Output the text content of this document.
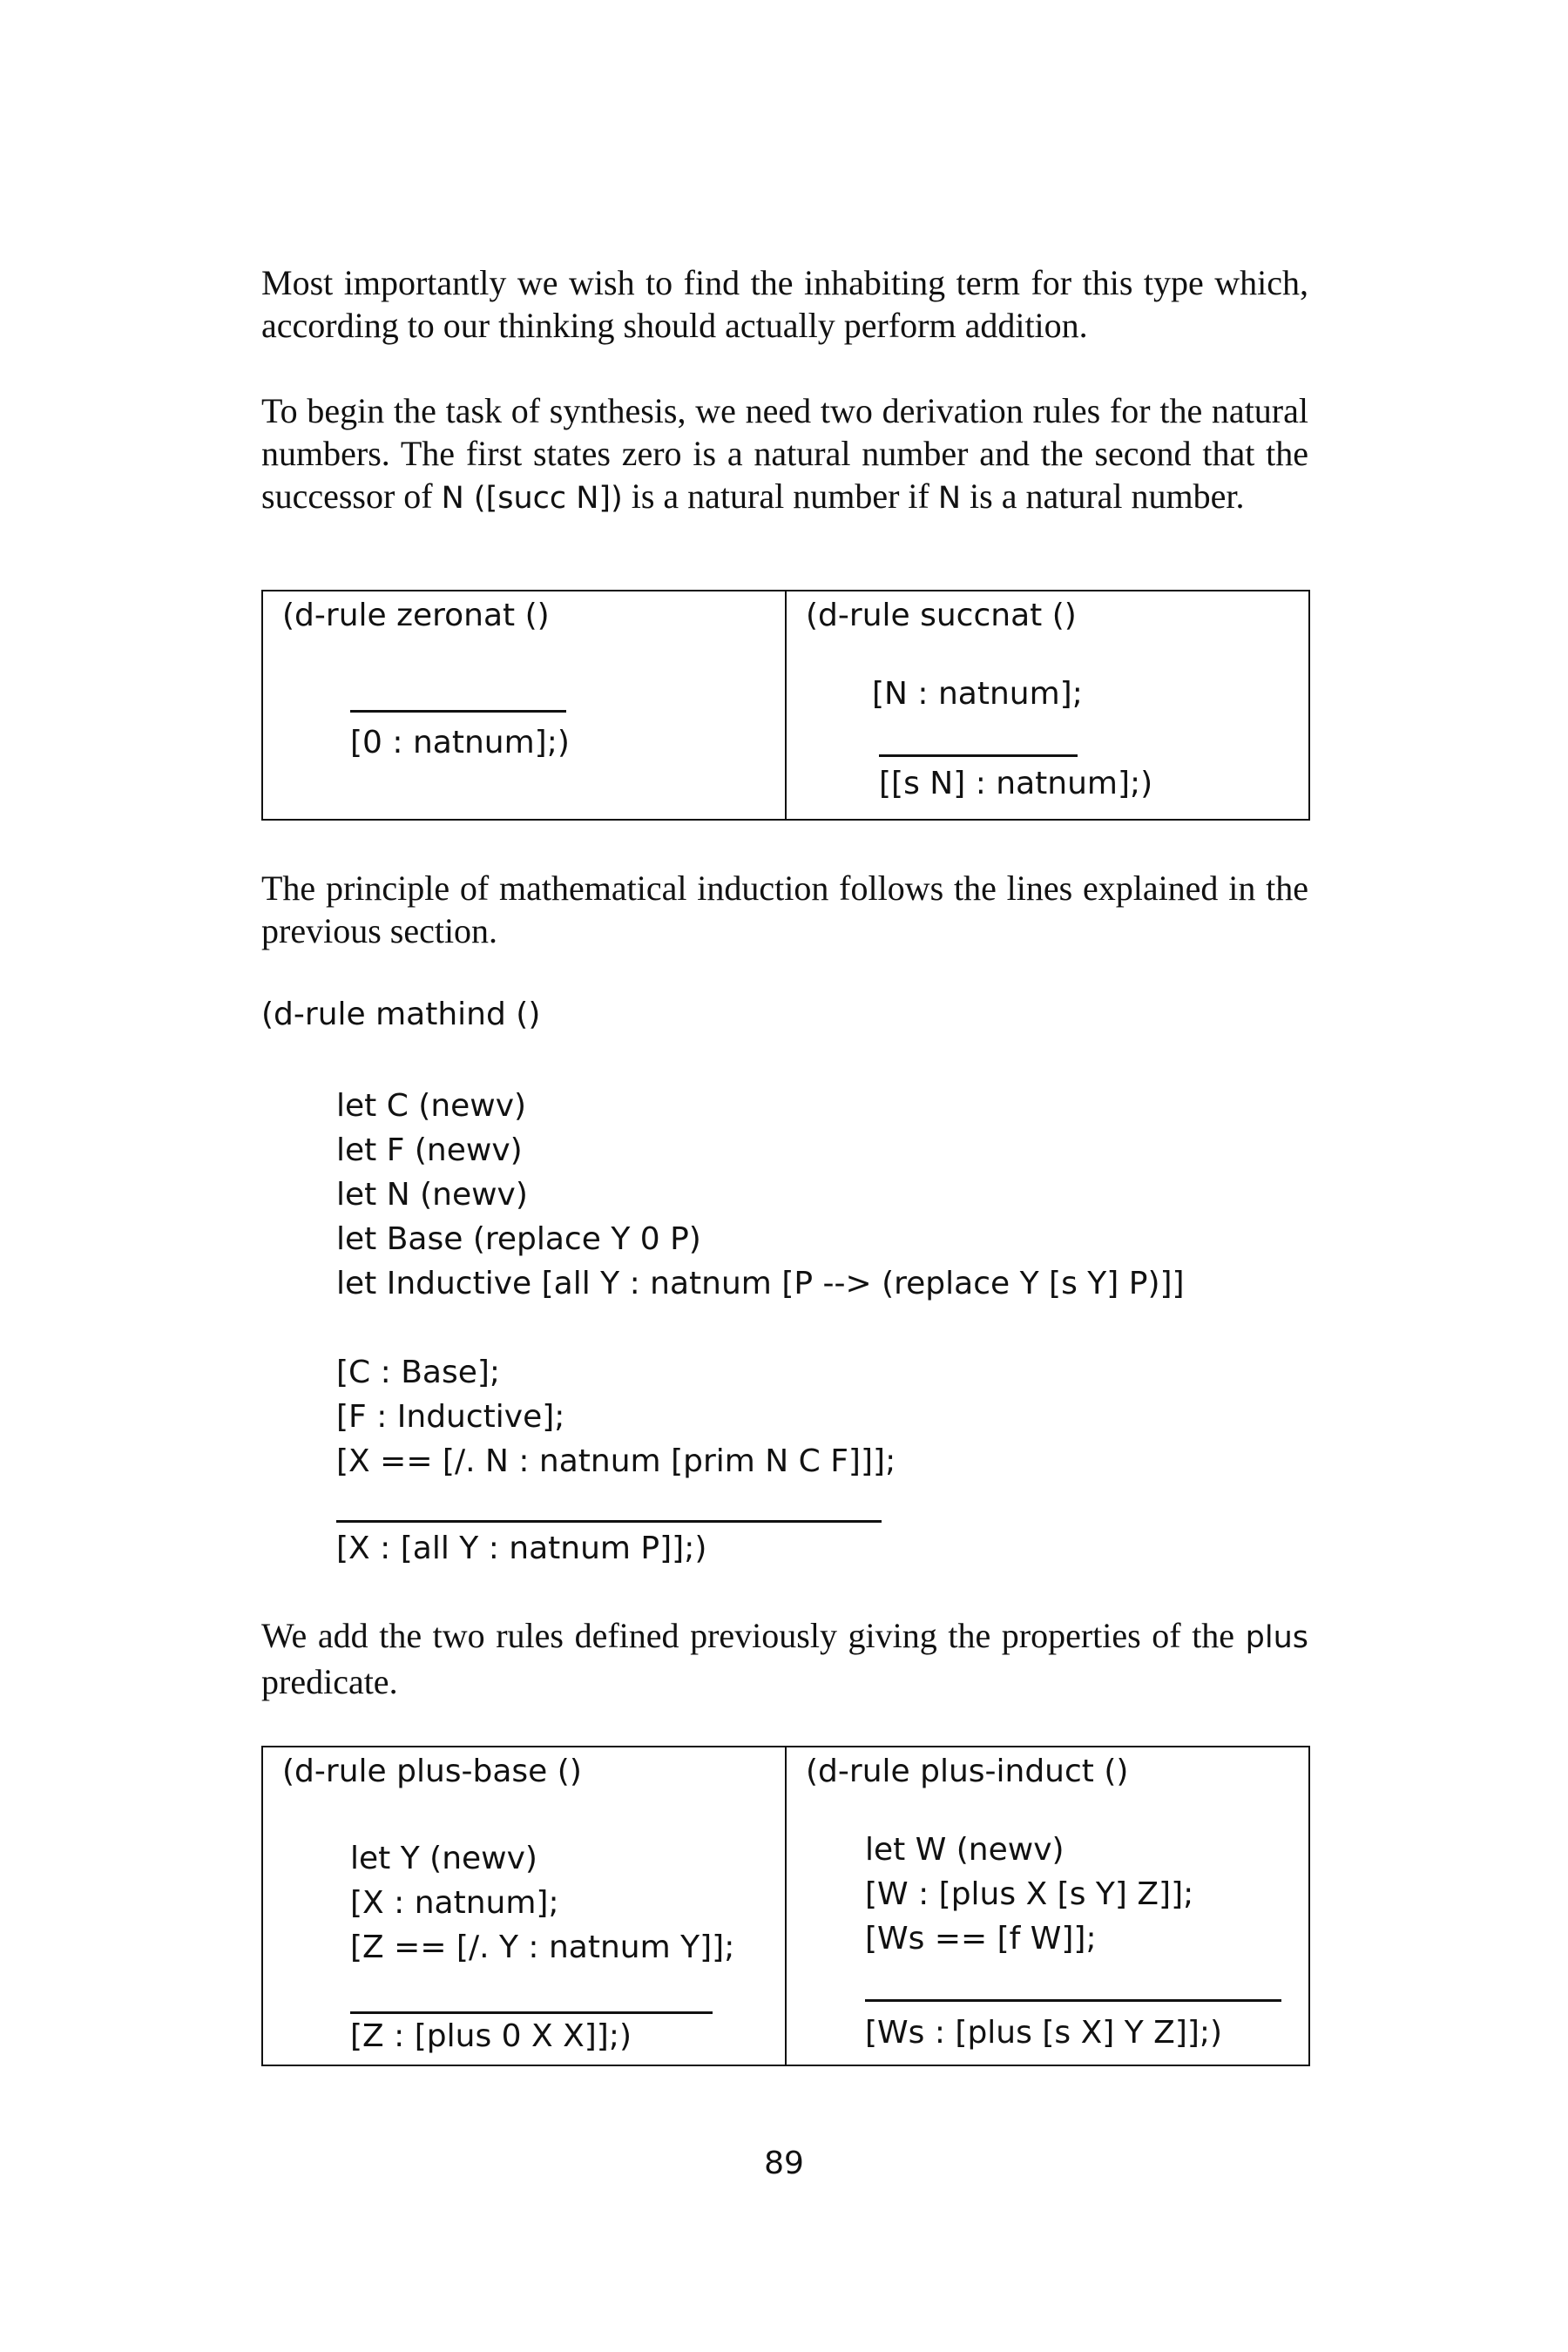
Most importantly we wish to find the inhabiting term for this type which, according to our thinking should actually perform addition.

To begin the task of synthesis, we need two derivation rules for the natural numbers. The first states zero is a natural number and the second that the successor of N ([succ N]) is a natural number if N is a natural number.

(d-rule zeronat ()
[0 : natnum];)

(d-rule succnat ()
[N : natnum];
[[s N] : natnum];)

The principle of mathematical induction follows the lines explained in the previous section.

(d-rule mathind ()
let C (newv)
let F (newv)
let N (newv)
let Base (replace Y 0 P)
let Inductive [all Y : natnum [P --> (replace Y [s Y] P)]]
[C : Base];
[F : Inductive];
[X == [/. N : natnum [prim N C F]]];
[X : [all Y : natnum P]];)

We add the two rules defined previously giving the properties of the plus predicate.

(d-rule plus-base ()
let Y (newv)
[X : natnum];
[Z == [/. Y : natnum Y]];
[Z : [plus 0 X X]];)

(d-rule plus-induct ()
let W (newv)
[W : [plus X [s Y] Z]];
[Ws == [f W]];
[Ws : [plus [s X] Y Z]];)
89
